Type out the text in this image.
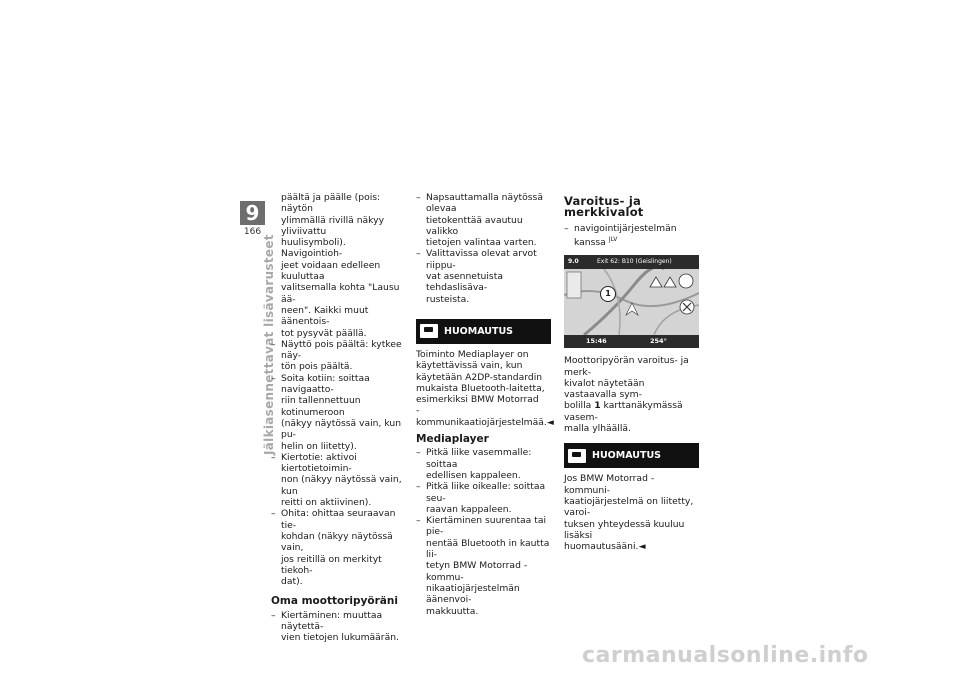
9
166
Jälkiasennettavat lisävarusteet

päältä ja päälle (pois: näytön

ylimmällä rivillä näkyy yliviivattu

huulisymboli). Navigointioh-

jeet voidaan edelleen kuuluttaa

valitsemalla kohta "Lausu ää-

neen". Kaikki muut äänentois-

tot pysyvät päällä.

– Näyttö pois päältä: kytkee näy-

tön pois päältä.

– Soita kotiin: soittaa navigaatto-

riin tallennettuun kotinumeroon

(näkyy näytössä vain, kun pu-

helin on liitetty).

– Kiertotie: aktivoi kiertotietoimin-

non (näkyy näytössä vain, kun

reitti on aktiivinen).

– Ohita: ohittaa seuraavan tie-

kohdan (näkyy näytössä vain,

jos reitillä on merkityt tiekoh-

dat).

Oma moottoripyöräni

– Kiertäminen: muuttaa näytettä-

vien tietojen lukumäärän.

– Napsauttamalla näytössä olevaa

tietokenttää avautuu valikko

tietojen valintaa varten.

– Valittavissa olevat arvot riippu-

vat asennetuista tehdaslisäva-

rusteista.

HUOMAUTUS

Toiminto Mediaplayer on

käytettävissä vain, kun

käytetään A2DP-standardin

mukaista Bluetooth-laitetta,

esimerkiksi BMW Motorrad

-kommunikaatiojärjestelmää.◄

Mediaplayer

– Pitkä liike vasemmalle: soittaa

edellisen kappaleen.

– Pitkä liike oikealle: soittaa seu-

raavan kappaleen.

– Kiertäminen suurentaa tai pie-

nentää Bluetooth in kautta lii-

tetyn BMW Motorrad -kommu-

nikaatiojärjestelmän äänenvoi-

makkuutta.

Varoitus- ja merkkivalot

– navigointijärjestelmän

kanssa $^{JLV}$

9.0	Exit 62: B10 (Geislingen)
1
15:46	254°

Moottoripyörän varoitus- ja merk-

kivalot näytetään vastaavalla sym-

bolilla 1 karttanäkymässä vasem-

malla ylhäällä.

HUOMAUTUS

Jos BMW Motorrad -kommuni-

kaatiojärjestelmä on liitetty, varoi-

tuksen yhteydessä kuuluu lisäksi

huomautusääni.◄

carmanualsonline.info
